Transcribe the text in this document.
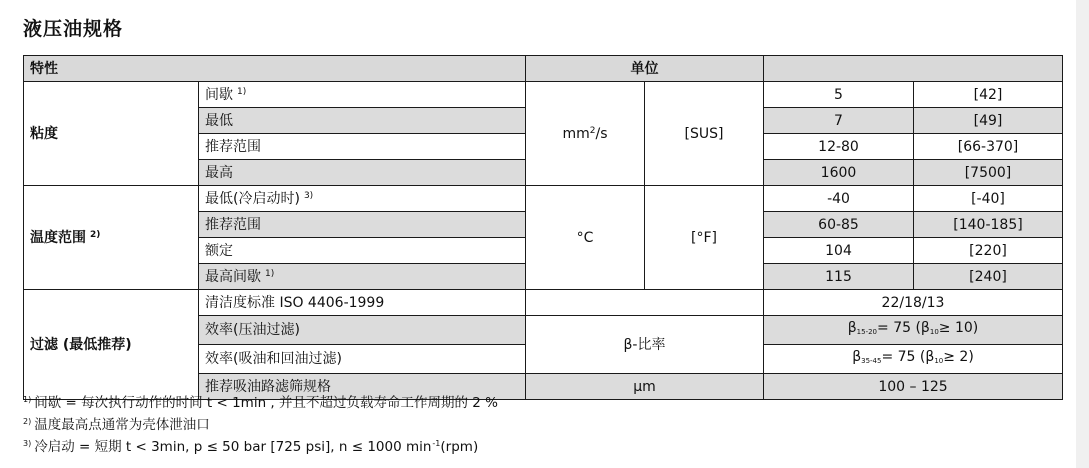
液压油规格
特性		单位			
粘度	间歇 $^{1)}$	$mm^2/s$	[SUS]	5	[42]
	最低			7	[49]
	推荐范围			12-80	[66-370]
	最高			1600	[7500]
温度范围 $^{2)}$	最低(冷启动时) $^{3)}$	°C	[°F]	-40	[-40]
	推荐范围			60-85	[140-185]
	额定			104	[220]
	最高间歇 $^{1)}$			115	[240]
过滤 (最低推荐)	清洁度标准 ISO 4406-1999			22/18/13	
	效率(压油过滤)	β-比率		$\beta_{15-20}= 75$ $(\beta_{10}\ge 10)$	
	效率(吸油和回油过滤)			$\beta_{35-45}= 75$ $(\beta_{10}\ge 2)$	
	推荐吸油路滤筛规格	µm		100 – 125	
$^{1)}$ 间歇 = 每次执行动作的时间 t < 1min , 并且不超过负载寿命工作周期的 2 %
$^{2)}$ 温度最高点通常为壳体泄油口
$^{3)}$ 冷启动 = 短期 t < 3min, p ≤ 50 bar [725 psi], n ≤ 1000 $\min^{-1}(rpm)$
